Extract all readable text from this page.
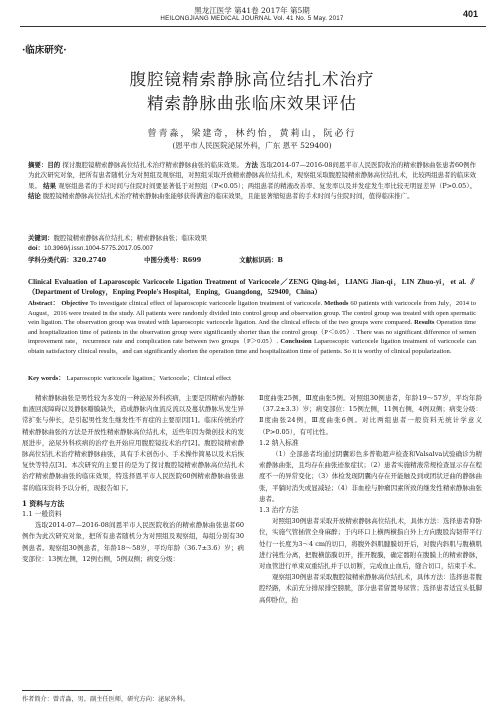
黑龙江医学 第41卷 2017年 第5期
HEILONGJIANG MEDICAL JOURNAL Vol. 41 No. 5 May. 2017	401
·临床研究·
腹腔镜精索静脉高位结扎术治疗
精索静脉曲张临床效果评估
曾青淼，梁建奇，林约怡，黄莉山，阮必行
(恩平市人民医院泌尿外科，广东 恩平 529400)
摘要：目的 探讨腹腔镜精索静脉高位结扎术治疗精索静脉曲张的临床效果。 方法 选取2014-07—2016-08间恩平市人民医院收治的精索静脉曲张患者60例作为此次研究对象，把所有患者随机分为对照组及观察组，对照组采取开放精索静脉高位结扎术，观察组采取腹腔镜精索静脉高位结扎术，比较两组患者的临床效果。 结果 观察组患者的手术时间与住院时间要显著低于对照组（P<0.05）；两组患者的精液改善率、复发率以及并发症发生率比较无明显差异（P>0.05）。 结论 腹腔镜精索静脉高位结扎术治疗精索静脉曲张能够获得满意的临床效果，且能显著缩短患者的手术时间与住院时间，值得临床推广。
关键词：腹腔镜精索静脉高位结扎术；精索静脉曲张；临床效果
doi：10.3969/j.issn.1004-5775.2017.05.007
学科分类代码：320.2740	中图分类号：R699	文献标识码：B
Clinical Evaluation of Laparoscopic Varicocele Ligation Treatment of Varicocele／ZENG Qing-lei，LIANG Jian-qi，LIN Zhuo-yi，et al. ∥（Department of Urology，Enping People's Hospital，Enping，Guangdong，529400，China）
Abstract： Objective To investigate clinical effect of laparoscopic varicocele ligation treatment of varicocele. Methods 60 patients with varicocele from July，2014 to August，2016 were treated in the study. All patients were randomly divided into control group and observation group. The control group was treated with open spermatic vein ligation. The observation group was treated with laparoscopic varicocele ligation. And the clinical effects of the two groups were compared. Results Operation time and hospitalization time of patients in the observation group were significantly shorter than the control group（P＜0.05）. There was no significant difference of semen improvement rate，recurrence rate and complication rate between two groups（P＞0.05）. Conclusion Laparoscopic varicocele ligation treatment of varicocele can obtain satisfactory clinical results，and can significantly shorten the operation time and hospitalization time of patients. So it is worthy of clinical popularization.
Key words： Laparoscopic varicocele ligation；Varicocele；Clinical effect

精索静脉曲张是男性较为多发的一种泌尿外科疾病，主要是因精索内静脉血液回流障碍以及静脉瓣膜缺失，造成静脉内血流反流以及蔓状静脉丛发生异常扩张与伸长，是引起男性发生继发性不育症的主要原因[1]。临床传统治疗精索静脉曲张的方法是开放性精索静脉高位结扎术，近些年因为微创技术的发展进步，泌尿外科疾病的治疗也开始应用腹腔镜技术治疗[2]。腹腔镜精索静脉高位结扎术治疗精索静脉曲张，具有手术创伤小、手术操作简易以及术后恢复快等特点[3]。本次研究的主要目的是为了探讨腹腔镜精索静脉高位结扎术治疗精索静脉曲张的临床效果，特选择恩平市人民医院60例精索静脉曲张患者的临床资料予以分析，现报告如下。

1 资料与方法

1.1 一般资料

选取2014-07—2016-08间恩平市人民医院收治的精索静脉曲张患者60例作为此次研究对象，把所有患者随机分为对照组及观察组，每组分别有30例患者。观察组30例患者，年龄18～58岁，平均年龄（36.7±3.6）岁；病变部位：13例左侧，12例右侧，5例双侧；病变分级：

Ⅱ度曲张25例，Ⅲ度曲张5例。对照组30例患者，年龄19～57岁，平均年龄（37.2±3.3）岁；病变部位：15例左侧，11例右侧，4例双侧；病变分级：Ⅱ度曲张24例，Ⅲ度曲张6例。对比两组患者一般资料无统计学意义（P>0.05），有可比性。

1.2 纳入标准

（1）全部患者均通过阴囊彩色多普勒超声检查和Valsalva试验确诊为精索静脉曲张，且均存在曲张迹象症状；（2）患者实施精液常规检查显示存在程度不一的异常变化；（3）体检发现阴囊内存在开能触及到或团状迂曲的静脉曲张，平躺时消失或显减轻；（4）非血栓与肿瘤因素所致的继发性精索静脉曲张患者。

1.3 治疗方法

对照组30例患者采取开放精索静脉高位结扎术，具体方法：选择患者仰卧位，实施气管插管全身麻醉；于内环口上横两横指自外上方向腹股沟韧带平行处行一长度为3～4 cm的切口，将腹外斜肌腱膜切开后，对腹内斜肌与腹横肌进行钝性分离，把腹横筋膜切开，推开腹膜，确定髂附在腹膜上的精索静脉，对血管进行单束双重结扎并于以切断，完成血止血后，缝合切口，结束手术。

观察组30例患者采取腹腔镜精索静脉高位结扎术，具体方法：选择患者腹腔经路，术前充分排尿排空膀胱，部分患者留置导尿管；选择患者适宜头低脚高仰卧位，抬

作者简介：曾青淼，男，副主任医师，研究方向：泌尿外科。
